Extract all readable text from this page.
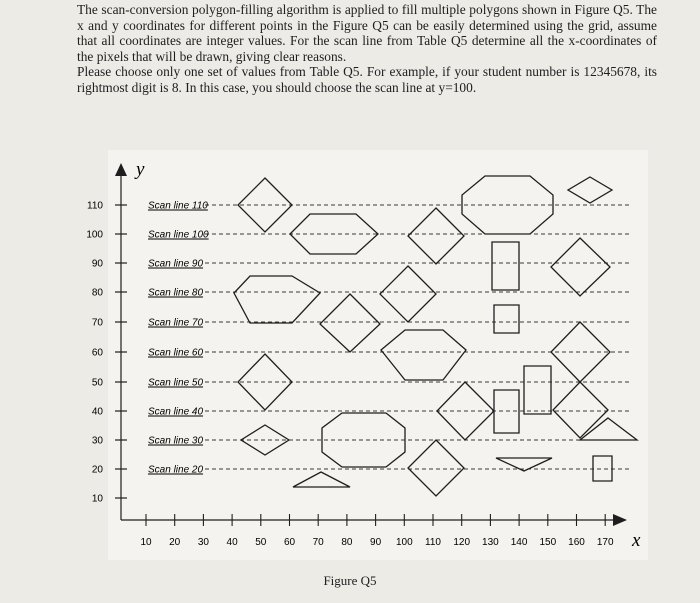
The scan-conversion polygon-filling algorithm is applied to fill multiple polygons shown in Figure Q5. The x and y coordinates for different points in the Figure Q5 can be easily determined using the grid, assume that all coordinates are integer values. For the scan line from Table Q5 determine all the x-coordinates of the pixels that will be drawn, giving clear reasons.

Please choose only one set of values from Table Q5. For example, if your student number is 12345678, its rightmost digit is 8. In this case, you should choose the scan line at y=100.

y
x
110
100
90
80
70
60
50
40
30
20
10
10 20 30 40 50 60 70 80 90 100 110 120 130 140 150 160 170
Scan line 110
Scan line 100
Scan line 90
Scan line 80
Scan line 70
Scan line 60
Scan line 50
Scan line 40
Scan line 30
Scan line 20
Figure Q5
